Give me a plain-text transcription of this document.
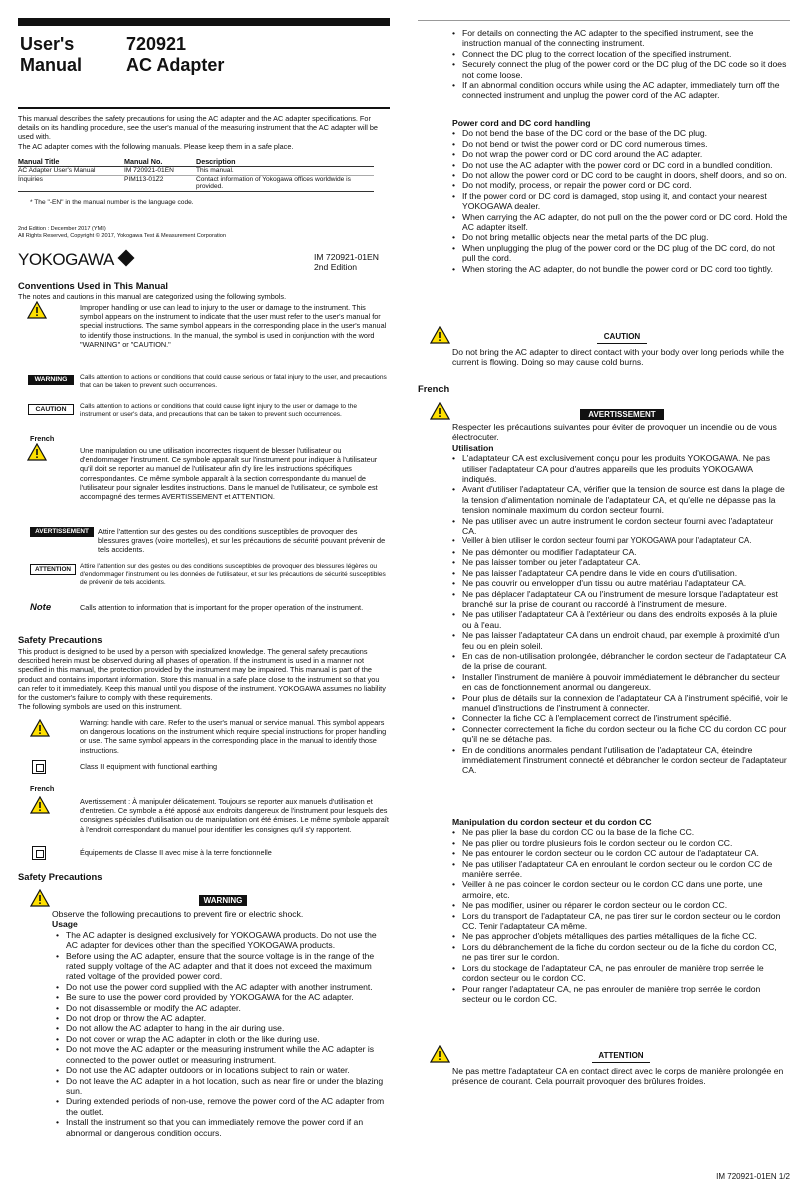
User's
Manual
720921
AC Adapter
This manual describes the safety precautions for using the AC adapter and the AC adapter specifications. For details on its handling procedure, see the user's manual of the measuring instrument that the AC adapter will be used with.
The AC adapter comes with the following manuals. Please keep them in a safe place.
Manual Title	Manual No.	Description
AC Adapter User's Manual	IM 720921-01EN	This manual.
Inquiries	PIM113-01Z2	Contact information of Yokogawa offices worldwide is provided.
* The "-EN" in the manual number is the language code.
2nd Edition : December 2017 (YMI)
All Rights Reserved, Copyright © 2017, Yokogawa Test & Measurement Corporation
YOKOGAWA	IM 720921-01EN
2nd Edition
Conventions Used in This Manual
The notes and cautions in this manual are categorized using the following symbols.
Improper handling or use can lead to injury to the user or damage to the instrument. This symbol appears on the instrument to indicate that the user must refer to the user's manual for special instructions. The same symbol appears in the corresponding place in the user's manual to identify those instructions. In the manual, the symbol is used in conjunction with the word "WARNING" or "CAUTION."
WARNING	Calls attention to actions or conditions that could cause serious or fatal injury to the user, and precautions that can be taken to prevent such occurrences.
CAUTION	Calls attention to actions or conditions that could cause light injury to the user or damage to the instrument or user's data, and precautions that can be taken to prevent such occurrences.
French
Une manipulation ou une utilisation incorrectes risquent de blesser l'utilisateur ou d'endommager l'instrument. Ce symbole apparaît sur l'instrument pour indiquer à l'utilisateur qu'il doit se reporter au manuel de l'utilisateur afin d'y lire les instructions spécifiques correspondantes. Ce même symbole apparaît à la section correspondante du manuel de l'utilisateur pour signaler lesdites instructions. Dans le manuel de l'utilisateur, ce symbole est accompagné des termes AVERTISSEMENT et ATTENTION.
AVERTISSEMENT	Attire l'attention sur des gestes ou des conditions susceptibles de provoquer des blessures graves (voire mortelles), et sur les précautions de sécurité pouvant prévenir de tels accidents.
ATTENTION	Attire l'attention sur des gestes ou des conditions susceptibles de provoquer des blessures légères ou d'endommager l'instrument ou les données de l'utilisateur, et sur les précautions de sécurité susceptibles de prévenir de tels accidents.
Note	Calls attention to information that is important for the proper operation of the instrument.
Safety Precautions
This product is designed to be used by a person with specialized knowledge. The general safety precautions described herein must be observed during all phases of operation. If the instrument is used in a manner not specified in this manual, the protection provided by the instrument may be impaired. This manual is part of the product and contains important information. Store this manual in a safe place close to the instrument so that you can refer to it immediately. Keep this manual until you dispose of the instrument. YOKOGAWA assumes no liability for the customer's failure to comply with these requirements.
The following symbols are used on this instrument.
Warning: handle with care. Refer to the user's manual or service manual. This symbol appears on dangerous locations on the instrument which require special instructions for proper handling or use. The same symbol appears in the corresponding place in the manual to identify those instructions.
Class II equipment with functional earthing
French
Avertissement : À manipuler délicatement. Toujours se reporter aux manuels d'utilisation et d'entretien. Ce symbole a été apposé aux endroits dangereux de l'instrument pour lesquels des consignes spéciales d'utilisation ou de manipulation ont été émises. Le même symbole apparaît à l'endroit correspondant du manuel pour identifier les consignes qu'il s'y rapportent.
Équipements de Classe II avec mise à la terre fonctionnelle
Safety Precautions
WARNING
Observe the following precautions to prevent fire or electric shock.
Usage
• The AC adapter is designed exclusively for YOKOGAWA products. Do not use the AC adapter for devices other than the specified YOKOGAWA products.
• Before using the AC adapter, ensure that the source voltage is in the range of the rated supply voltage of the AC adapter and that it does not exceed the maximum rated voltage of the provided power cord.
• Do not use the power cord supplied with the AC adapter with another instrument.
• Be sure to use the power cord provided by YOKOGAWA for the AC adapter.
• Do not disassemble or modify the AC adapter.
• Do not drop or throw the AC adapter.
• Do not allow the AC adapter to hang in the air during use.
• Do not cover or wrap the AC adapter in cloth or the like during use.
• Do not move the AC adapter or the measuring instrument while the AC adapter is connected to the power outlet or measuring instrument.
• Do not use the AC adapter outdoors or in locations subject to rain or water.
• Do not leave the AC adapter in a hot location, such as near fire or under the blazing sun.
• During extended periods of non-use, remove the power cord of the AC adapter from the outlet.
• Install the instrument so that you can immediately remove the power cord if an abnormal or dangerous condition occurs.
• For details on connecting the AC adapter to the specified instrument, see the instruction manual of the connecting instrument.
• Connect the DC plug to the correct location of the specified instrument.
• Securely connect the plug of the power cord or the DC plug of the DC code so it does not come loose.
• If an abnormal condition occurs while using the AC adapter, immediately turn off the connected instrument and unplug the power cord of the AC adapter.
Power cord and DC cord handling
• Do not bend the base of the DC cord or the base of the DC plug.
• Do not bend or twist the power cord or DC cord numerous times.
• Do not wrap the power cord or DC cord around the AC adapter.
• Do not use the AC adapter with the power cord or DC cord in a bundled condition.
• Do not allow the power cord or DC cord to be caught in doors, shelf doors, and so on.
• Do not modify, process, or repair the power cord or DC cord.
• If the power cord or DC cord is damaged, stop using it, and contact your nearest YOKOGAWA dealer.
• When carrying the AC adapter, do not pull on the the power cord or DC cord. Hold the AC adapter itself.
• Do not bring metallic objects near the metal parts of the DC plug.
• When unplugging the plug of the power cord or the DC plug of the DC cord, do not pull the cord.
• When storing the AC adapter, do not bundle the power cord or DC cord too tightly.
CAUTION
Do not bring the AC adapter to direct contact with your body over long periods while the current is flowing. Doing so may cause cold burns.
French
AVERTISSEMENT
Respecter les précautions suivantes pour éviter de provoquer un incendie ou de vous électrocuter.
Utilisation
• L'adaptateur CA est exclusivement conçu pour les produits YOKOGAWA. Ne pas utiliser l'adaptateur CA pour d'autres appareils que les produits YOKOGAWA indiqués.
• Avant d'utiliser l'adaptateur CA, vérifier que la tension de source est dans la plage de la tension d'alimentation nominale de l'adaptateur CA, et qu'elle ne dépasse pas la tension nominale maximum du cordon secteur fourni.
• Ne pas utiliser avec un autre instrument le cordon secteur fourni avec l'adaptateur CA.
• Veiller à bien utiliser le cordon secteur fourni par YOKOGAWA pour l'adaptateur CA.
• Ne pas démonter ou modifier l'adaptateur CA.
• Ne pas laisser tomber ou jeter l'adaptateur CA.
• Ne pas laisser l'adaptateur CA pendre dans le vide en cours d'utilisation.
• Ne pas couvrir ou envelopper d'un tissu ou autre matériau l'adaptateur CA.
• Ne pas déplacer l'adaptateur CA ou l'instrument de mesure lorsque l'adaptateur est branché sur la prise de courant ou raccordé à l'instrument de mesure.
• Ne pas utiliser l'adaptateur CA à l'extérieur ou dans des endroits exposés à la pluie ou à l'eau.
• Ne pas laisser l'adaptateur CA dans un endroit chaud, par exemple à proximité d'un feu ou en plein soleil.
• En cas de non-utilisation prolongée, débrancher le cordon secteur de l'adaptateur CA de la prise de courant.
• Installer l'instrument de manière à pouvoir immédiatement le débrancher du secteur en cas de fonctionnement anormal ou dangereux.
• Pour plus de détails sur la connexion de l'adaptateur CA à l'instrument spécifié, voir le manuel d'instructions de l'instrument à connecter.
• Connecter la fiche CC à l'emplacement correct de l'instrument spécifié.
• Connecter correctement la fiche du cordon secteur ou la fiche CC du cordon CC pour qu'il ne se détache pas.
• En de conditions anormales pendant l'utilisation de l'adaptateur CA, éteindre immédiatement l'instrument connecté et débrancher le cordon secteur de l'adaptateur CA.
Manipulation du cordon secteur et du cordon CC
• Ne pas plier la base du cordon CC ou la base de la fiche CC.
• Ne pas plier ou tordre plusieurs fois le cordon secteur ou le cordon CC.
• Ne pas entourer le cordon secteur ou le cordon CC autour de l'adaptateur CA.
• Ne pas utiliser l'adaptateur CA en enroulant le cordon secteur ou le cordon CC de manière serrée.
• Veiller à ne pas coincer le cordon secteur ou le cordon CC dans une porte, une armoire, etc.
• Ne pas modifier, usiner ou réparer le cordon secteur ou le cordon CC.
• Lors du transport de l'adaptateur CA, ne pas tirer sur le cordon secteur ou le cordon CC. Tenir l'adaptateur CA même.
• Ne pas approcher d'objets métalliques des parties métalliques de la fiche CC.
• Lors du débranchement de la fiche du cordon secteur ou de la fiche du cordon CC, ne pas tirer sur le cordon.
• Lors du stockage de l'adaptateur CA, ne pas enrouler de manière trop serrée le cordon secteur ou le cordon CC.
• Pour ranger l'adaptateur CA, ne pas enrouler de manière trop serrée le cordon secteur ou le cordon CC.
ATTENTION
Ne pas mettre l'adaptateur CA en contact direct avec le corps de manière prolongée en présence de courant. Cela pourrait provoquer des brûlures froides.
IM 720921-01EN 1/2
